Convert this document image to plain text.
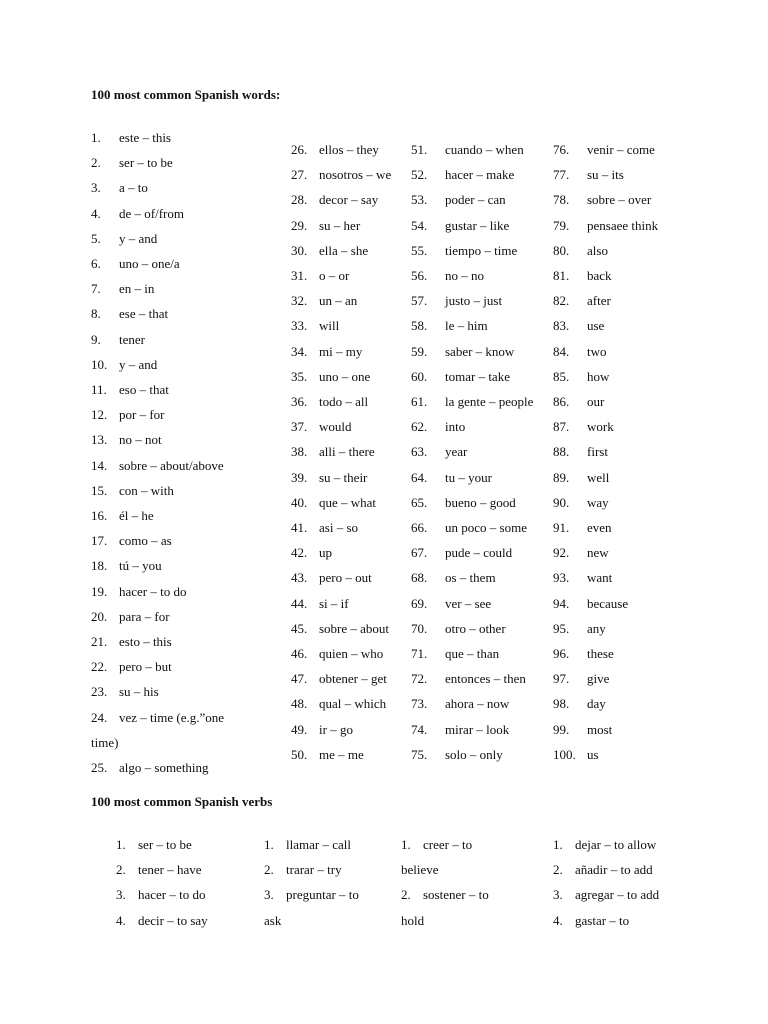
100 most common Spanish words:
1. este – this
2. ser – to be
3. a – to
4. de – of/from
5. y – and
6. uno – one/a
7. en – in
8. ese – that
9. tener
10. y – and
11. eso – that
12. por – for
13. no – not
14. sobre – about/above
15. con – with
16. él – he
17. como – as
18. tú – you
19. hacer – to do
20. para – for
21. esto – this
22. pero – but
23. su – his
24. vez – time (e.g.”one
time)
25. algo – something
26. ellos – they
27. nosotros – we
28. decor – say
29. su – her
30. ella – she
31. o – or
32. un – an
33. will
34. mi – my
35. uno – one
36. todo – all
37. would
38. alli – there
39. su – their
40. que – what
41. asi – so
42. up
43. pero – out
44. si – if
45. sobre – about
46. quien – who
47. obtener – get
48. qual – which
49. ir – go
50. me – me
51. cuando – when
52. hacer – make
53. poder – can
54. gustar – like
55. tiempo – time
56. no – no
57. justo – just
58. le – him
59. saber – know
60. tomar – take
61. la gente – people
62. into
63. year
64. tu – your
65. bueno – good
66. un poco – some
67. pude – could
68. os – them
69. ver – see
70. otro – other
71. que – than
72. entonces – then
73. ahora – now
74. mirar – look
75. solo – only
76. venir – come
77. su – its
78. sobre – over
79. pensaee think
80. also
81. back
82. after
83. use
84. two
85. how
86. our
87. work
88. first
89. well
90. way
91. even
92. new
93. want
94. because
95. any
96. these
97. give
98. day
99. most
100. us
100 most common Spanish verbs
1. ser – to be
2. tener – have
3. hacer – to do
4. decir – to say
1. llamar – call
2. trarar – try
3. preguntar – to
ask
1. creer – to
believe
2. sostener – to
hold
1. dejar – to allow
2. añadir – to add
3. agregar – to add
4. gastar – to
